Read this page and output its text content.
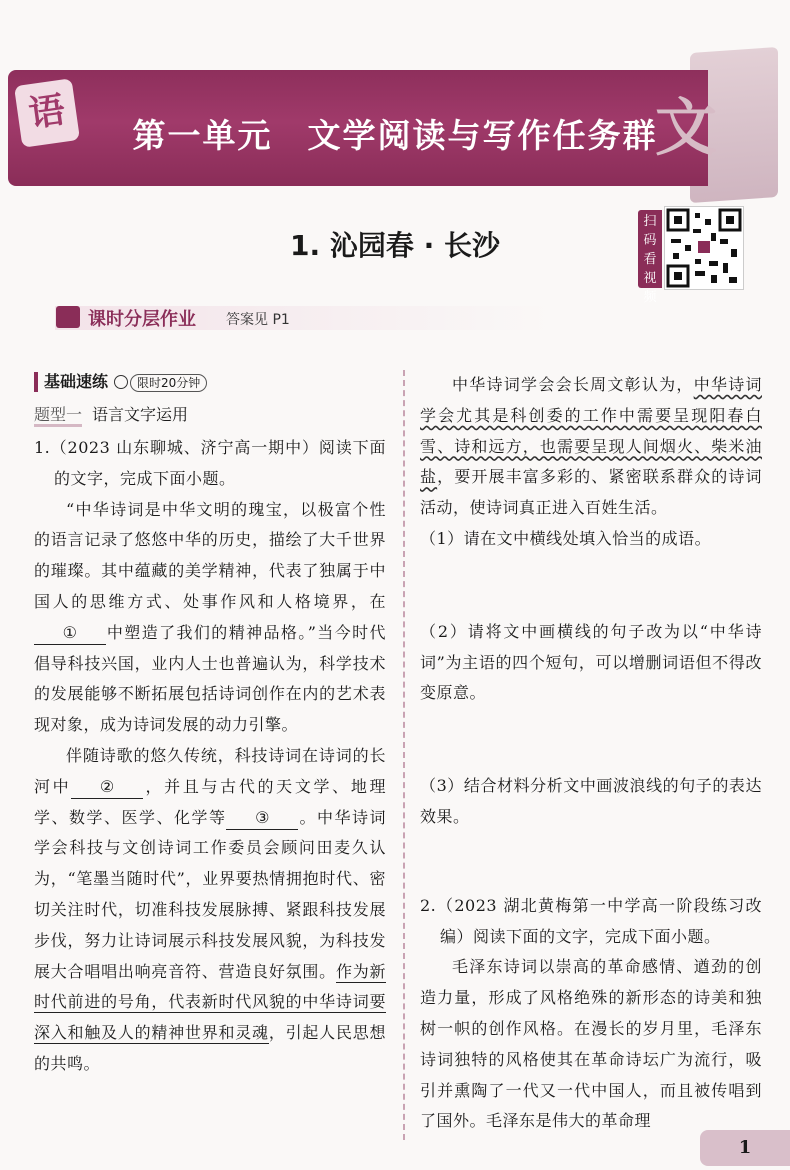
语	文
第一单元　文学阅读与写作任务群
1. 沁园春 · 长沙
扫码看视频
课时分层作业 答案见 P1
基础速练 限时20分钟
题型一 语言文字运用
1.（2023 山东聊城、济宁高一期中）阅读下面的文字，完成下面小题。
“中华诗词是中华文明的瑰宝，以极富个性的语言记录了悠悠中华的历史，描绘了大千世界的璀璨。其中蕴藏的美学精神，代表了独属于中国人的思维方式、处事作风和人格境界，在① 中塑造了我们的精神品格。”当今时代倡导科技兴国，业内人士也普遍认为，科学技术的发展能够不断拓展包括诗词创作在内的艺术表现对象，成为诗词发展的动力引擎。
伴随诗歌的悠久传统，科技诗词在诗词的长河中 ② ，并且与古代的天文学、地理学、数学、医学、化学等 ③ 。中华诗词学会科技与文创诗词工作委员会顾问田麦久认为，“笔墨当随时代”，业界要热情拥抱时代、密切关注时代，切准科技发展脉搏、紧跟科技发展步伐，努力让诗词展示科技发展风貌，为科技发展大合唱唱出响亮音符、营造良好氛围。作为新时代前进的号角，代表新时代风貌的中华诗词要深入和触及人的精神世界和灵魂，引起人民思想的共鸣。
中华诗词学会会长周文彰认为，中华诗词学会尤其是科创委的工作中需要呈现阳春白雪、诗和远方，也需要呈现人间烟火、柴米油盐，要开展丰富多彩的、紧密联系群众的诗词活动，使诗词真正进入百姓生活。
（1）请在文中横线处填入恰当的成语。
（2）请将文中画横线的句子改为以“中华诗词”为主语的四个短句，可以增删词语但不得改变原意。
（3）结合材料分析文中画波浪线的句子的表达效果。
2.（2023 湖北黄梅第一中学高一阶段练习改编）阅读下面的文字，完成下面小题。
毛泽东诗词以崇高的革命感情、遒劲的创造力量，形成了风格绝殊的新形态的诗美和独树一帜的创作风格。在漫长的岁月里，毛泽东诗词独特的风格使其在革命诗坛广为流行，吸引并熏陶了一代又一代中国人，而且被传唱到了国外。毛泽东是伟大的革命理
1
